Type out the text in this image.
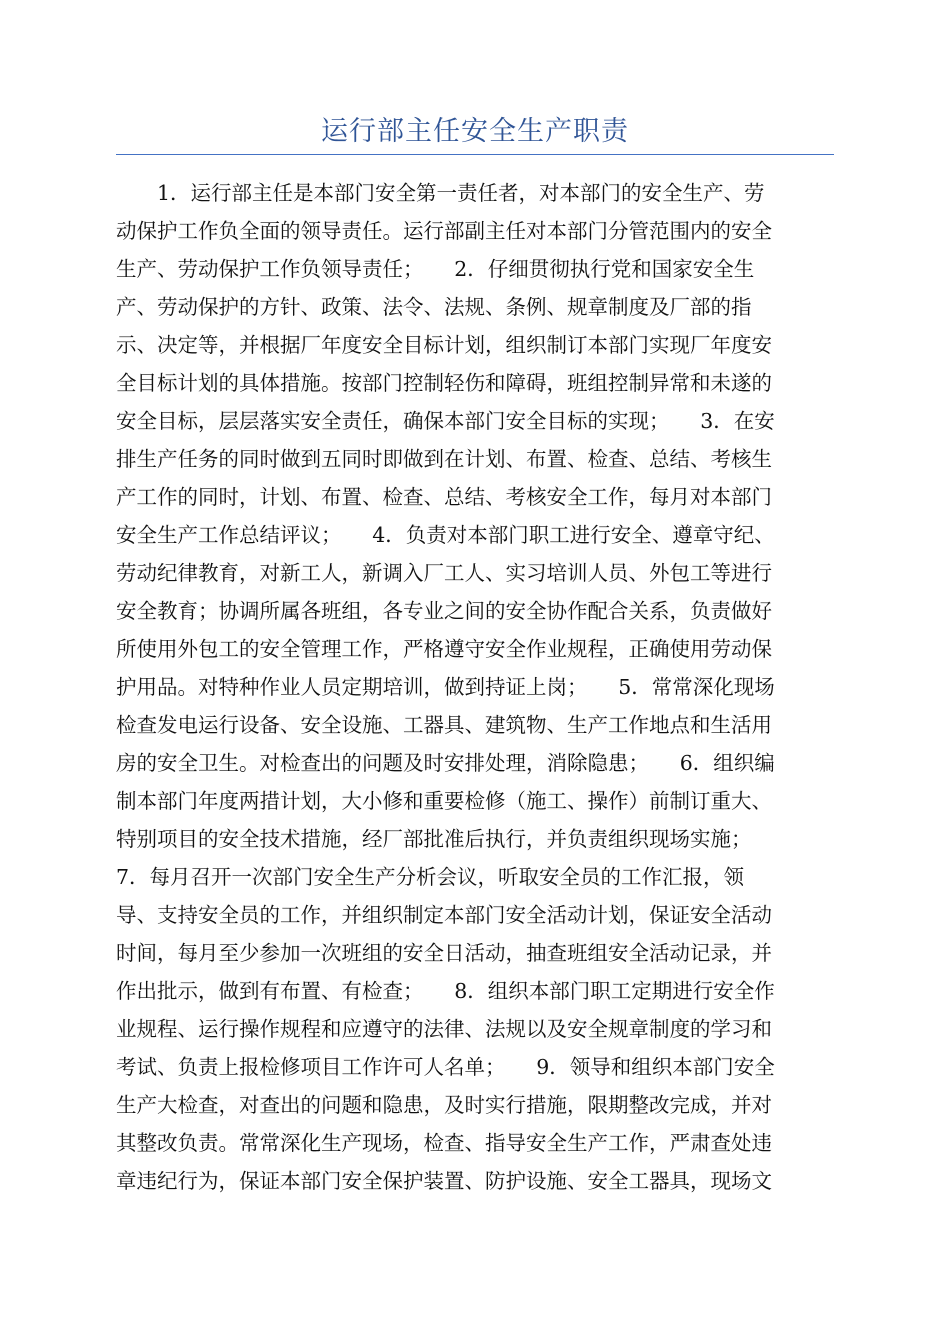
运行部主任安全生产职责
　　1．运行部主任是本部门安全第一责任者，对本部门的安全生产、劳
动保护工作负全面的领导责任。运行部副主任对本部门分管范围内的安全
生产、劳动保护工作负领导责任；　　2．仔细贯彻执行党和国家安全生
产、劳动保护的方针、政策、法令、法规、条例、规章制度及厂部的指
示、决定等，并根据厂年度安全目标计划，组织制订本部门实现厂年度安
全目标计划的具体措施。按部门控制轻伤和障碍，班组控制异常和未遂的
安全目标，层层落实安全责任，确保本部门安全目标的实现；　　3．在安
排生产任务的同时做到五同时即做到在计划、布置、检查、总结、考核生
产工作的同时，计划、布置、检查、总结、考核安全工作，每月对本部门
安全生产工作总结评议；　　4．负责对本部门职工进行安全、遵章守纪、
劳动纪律教育，对新工人，新调入厂工人、实习培训人员、外包工等进行
安全教育；协调所属各班组，各专业之间的安全协作配合关系，负责做好
所使用外包工的安全管理工作，严格遵守安全作业规程，正确使用劳动保
护用品。对特种作业人员定期培训，做到持证上岗；　　5．常常深化现场
检查发电运行设备、安全设施、工器具、建筑物、生产工作地点和生活用
房的安全卫生。对检查出的问题及时安排处理，消除隐患；　　6．组织编
制本部门年度两措计划，大小修和重要检修（施工、操作）前制订重大、
特别项目的安全技术措施，经厂部批准后执行，并负责组织现场实施；
7．每月召开一次部门安全生产分析会议，听取安全员的工作汇报，领
导、支持安全员的工作，并组织制定本部门安全活动计划，保证安全活动
时间，每月至少参加一次班组的安全日活动，抽查班组安全活动记录，并
作出批示，做到有布置、有检查；　　8．组织本部门职工定期进行安全作
业规程、运行操作规程和应遵守的法律、法规以及安全规章制度的学习和
考试、负责上报检修项目工作许可人名单；　　9．领导和组织本部门安全
生产大检查，对查出的问题和隐患，及时实行措施，限期整改完成，并对
其整改负责。常常深化生产现场，检查、指导安全生产工作，严肃查处违
章违纪行为，保证本部门安全保护装置、防护设施、安全工器具，现场文
